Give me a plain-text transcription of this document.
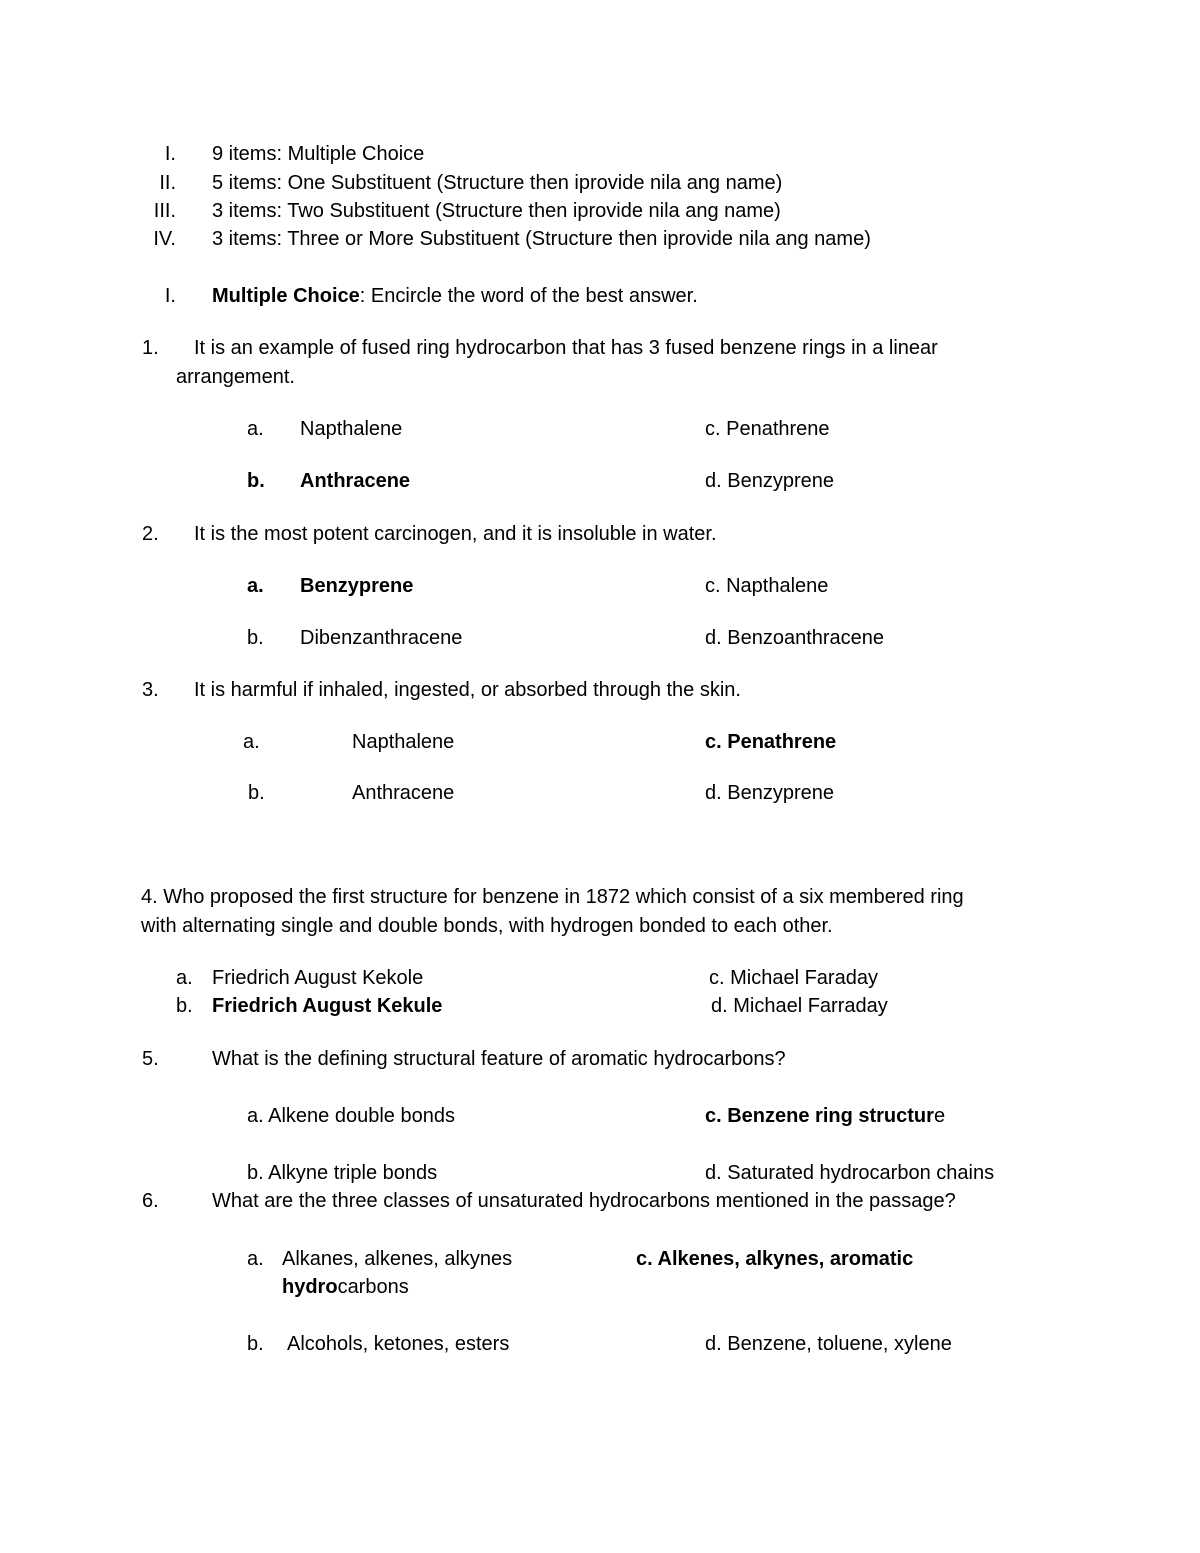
I. 9 items: Multiple Choice
II. 5 items: One Substituent (Structure then iprovide nila ang name)
III. 3 items: Two Substituent (Structure then iprovide nila ang name)
IV. 3 items: Three or More Substituent (Structure then iprovide nila ang name)
I. Multiple Choice: Encircle the word of the best answer.
1. It is an example of fused ring hydrocarbon that has 3 fused benzene rings in a linear
arrangement.
a. Napthalene	c. Penathrene
b. Anthracene	d. Benzyprene
2. It is the most potent carcinogen, and it is insoluble in water.
a. Benzyprene	c. Napthalene
b. Dibenzanthracene	d. Benzoanthracene
3. It is harmful if inhaled, ingested, or absorbed through the skin.
a.	Napthalene	c. Penathrene
b.	Anthracene	d. Benzyprene
4. Who proposed the first structure for benzene in 1872 which consist of a six membered ring
with alternating single and double bonds, with hydrogen bonded to each other.
a. Friedrich August Kekole	c. Michael Faraday
b. Friedrich August Kekule	d. Michael Farraday
5.	What is the defining structural feature of aromatic hydrocarbons?
a. Alkene double bonds	c. Benzene ring structure
b. Alkyne triple bonds	d. Saturated hydrocarbon chains
6.	What are the three classes of unsaturated hydrocarbons mentioned in the passage?
a. Alkanes, alkenes, alkynes	c. Alkenes, alkynes, aromatic
hydrocarbons
b. Alcohols, ketones, esters	d. Benzene, toluene, xylene
